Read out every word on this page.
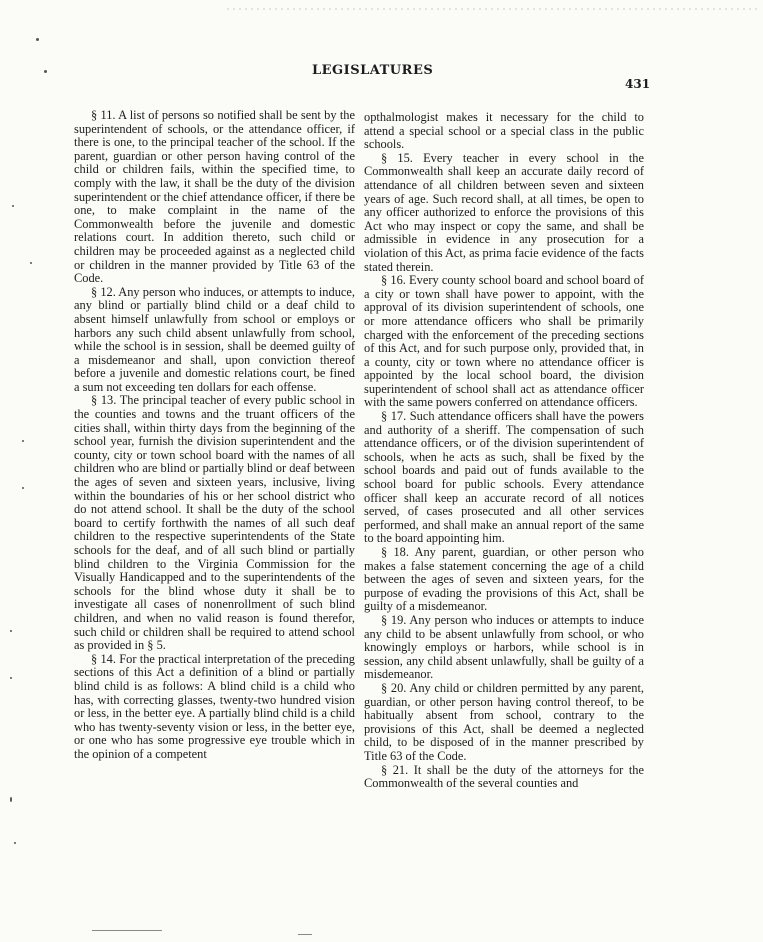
LEGISLATURES
431

§ 11. A list of persons so notified shall be sent by the superintendent of schools, or the attendance officer, if there is one, to the principal teacher of the school. If the parent, guardian or other person having control of the child or children fails, within the specified time, to comply with the law, it shall be the duty of the division superintendent or the chief attendance officer, if there be one, to make complaint in the name of the Commonwealth before the juvenile and domestic relations court. In addition thereto, such child or children may be proceeded against as a neglected child or children in the manner provided by Title 63 of the Code.

§ 12. Any person who induces, or attempts to induce, any blind or partially blind child or a deaf child to absent himself unlawfully from school or employs or harbors any such child absent unlawfully from school, while the school is in session, shall be deemed guilty of a misdemeanor and shall, upon conviction thereof before a juvenile and domestic relations court, be fined a sum not exceeding ten dollars for each offense.

§ 13. The principal teacher of every public school in the counties and towns and the truant officers of the cities shall, within thirty days from the beginning of the school year, furnish the division superintendent and the county, city or town school board with the names of all children who are blind or partially blind or deaf between the ages of seven and sixteen years, inclusive, living within the boundaries of his or her school district who do not attend school. It shall be the duty of the school board to certify forthwith the names of all such deaf children to the respective superintendents of the State schools for the deaf, and of all such blind or partially blind children to the Virginia Commission for the Visually Handicapped and to the superintendents of the schools for the blind whose duty it shall be to investigate all cases of nonenrollment of such blind children, and when no valid reason is found therefor, such child or children shall be required to attend school as provided in § 5.

§ 14. For the practical interpretation of the preceding sections of this Act a definition of a blind or partially blind child is as follows: A blind child is a child who has, with correcting glasses, twenty-two hundred vision or less, in the better eye. A partially blind child is a child who has twenty-seventy vision or less, in the better eye, or one who has some progressive eye trouble which in the opinion of a competent

opthalmologist makes it necessary for the child to attend a special school or a special class in the public schools.

§ 15. Every teacher in every school in the Commonwealth shall keep an accurate daily record of attendance of all children between seven and sixteen years of age. Such record shall, at all times, be open to any officer authorized to enforce the provisions of this Act who may inspect or copy the same, and shall be admissible in evidence in any prosecution for a violation of this Act, as prima facie evidence of the facts stated therein.

§ 16. Every county school board and school board of a city or town shall have power to appoint, with the approval of its division superintendent of schools, one or more attendance officers who shall be primarily charged with the enforcement of the preceding sections of this Act, and for such purpose only, provided that, in a county, city or town where no attendance officer is appointed by the local school board, the division superintendent of school shall act as attendance officer with the same powers conferred on attendance officers.

§ 17. Such attendance officers shall have the powers and authority of a sheriff. The compensation of such attendance officers, or of the division superintendent of schools, when he acts as such, shall be fixed by the school boards and paid out of funds available to the school board for public schools. Every attendance officer shall keep an accurate record of all notices served, of cases prosecuted and all other services performed, and shall make an annual report of the same to the board appointing him.

§ 18. Any parent, guardian, or other person who makes a false statement concerning the age of a child between the ages of seven and sixteen years, for the purpose of evading the provisions of this Act, shall be guilty of a misdemeanor.

§ 19. Any person who induces or attempts to induce any child to be absent unlawfully from school, or who knowingly employs or harbors, while school is in session, any child absent unlawfully, shall be guilty of a misdemeanor.

§ 20. Any child or children permitted by any parent, guardian, or other person having control thereof, to be habitually absent from school, contrary to the provisions of this Act, shall be deemed a neglected child, to be disposed of in the manner prescribed by Title 63 of the Code.

§ 21. It shall be the duty of the attorneys for the Commonwealth of the several counties and
